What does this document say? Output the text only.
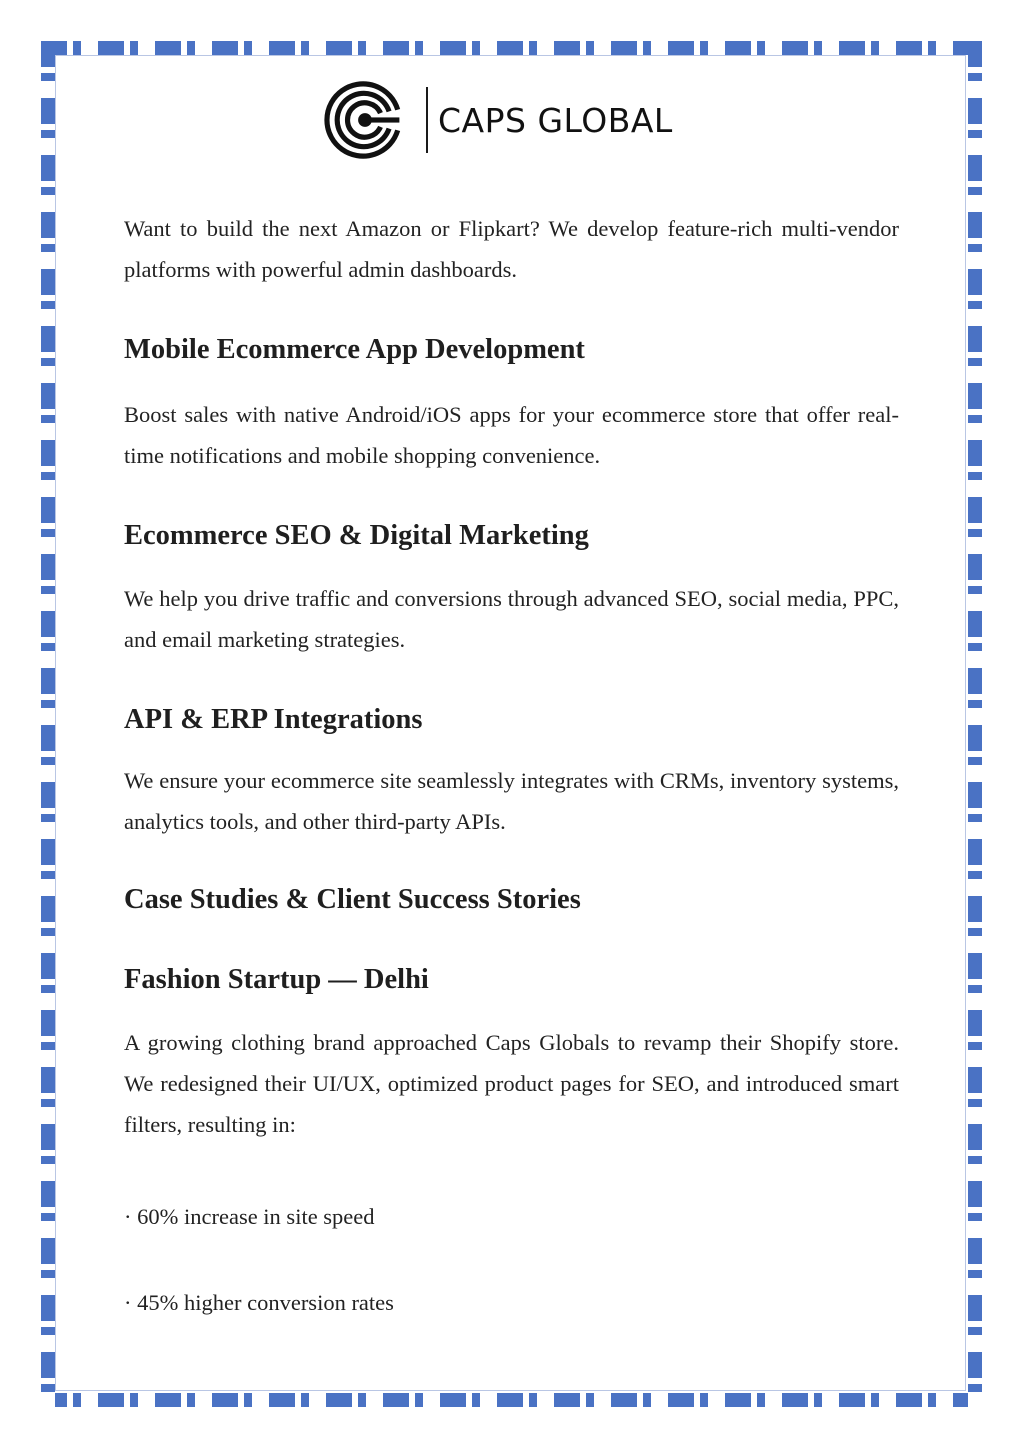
CAPS GLOBAL

Want to build the next Amazon or Flipkart? We develop feature-rich multi-vendor platforms with powerful admin dashboards.

Mobile Ecommerce App Development

Boost sales with native Android/iOS apps for your ecommerce store that offer real-time notifications and mobile shopping convenience.

Ecommerce SEO & Digital Marketing

We help you drive traffic and conversions through advanced SEO, social media, PPC, and email marketing strategies.

API & ERP Integrations

We ensure your ecommerce site seamlessly integrates with CRMs, inventory systems, analytics tools, and other third-party APIs.

Case Studies & Client Success Stories
Fashion Startup — Delhi

A growing clothing brand approached Caps Globals to revamp their Shopify store. We redesigned their UI/UX, optimized product pages for SEO, and introduced smart filters, resulting in:

· 60% increase in site speed

· 45% higher conversion rates
